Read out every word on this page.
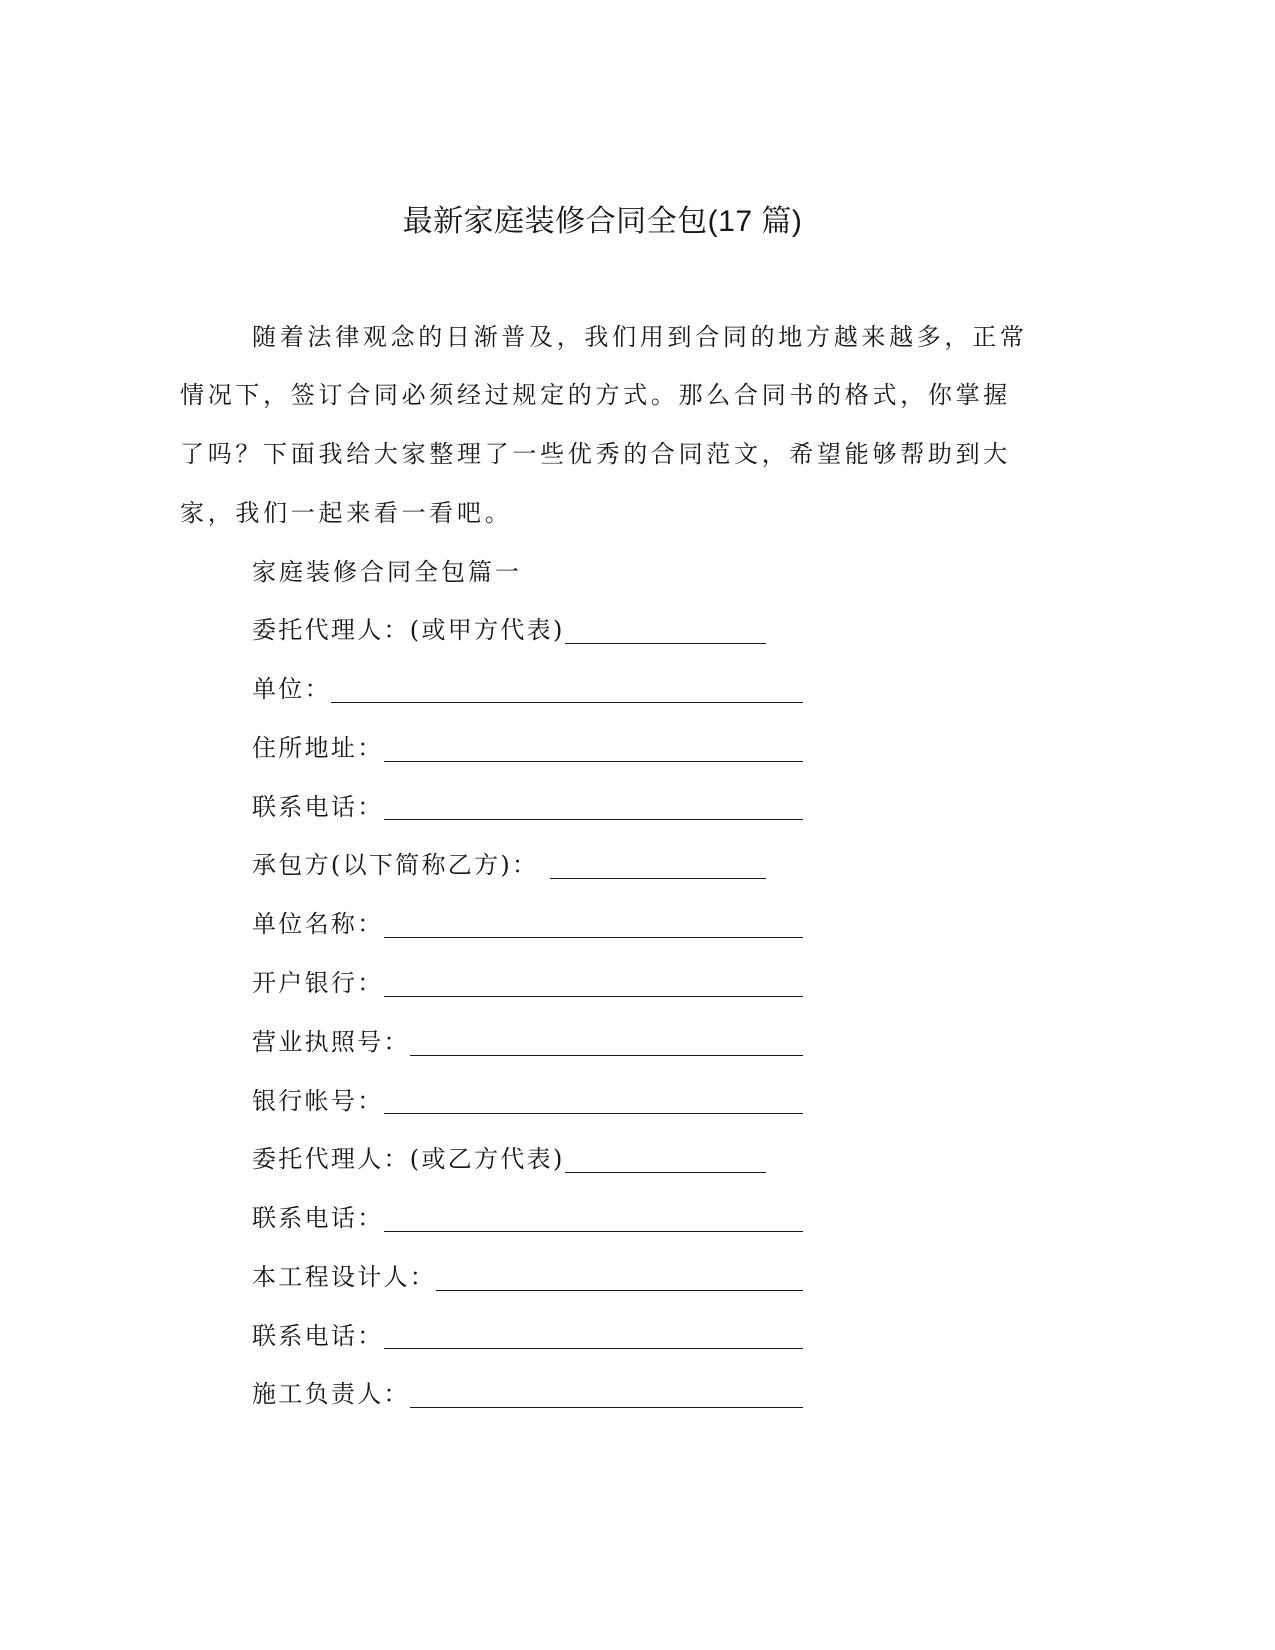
最新家庭装修合同全包(17 篇)
随着法律观念的日渐普及，我们用到合同的地方越来越多，正常
情况下，签订合同必须经过规定的方式。那么合同书的格式，你掌握
了吗？下面我给大家整理了一些优秀的合同范文，希望能够帮助到大
家，我们一起来看一看吧。
家庭装修合同全包篇一
委托代理人：(或甲方代表)
单位：
住所地址：
联系电话：
承包方(以下简称乙方)：
单位名称：
开户银行：
营业执照号：
银行帐号：
委托代理人：(或乙方代表)
联系电话：
本工程设计人：
联系电话：
施工负责人：
